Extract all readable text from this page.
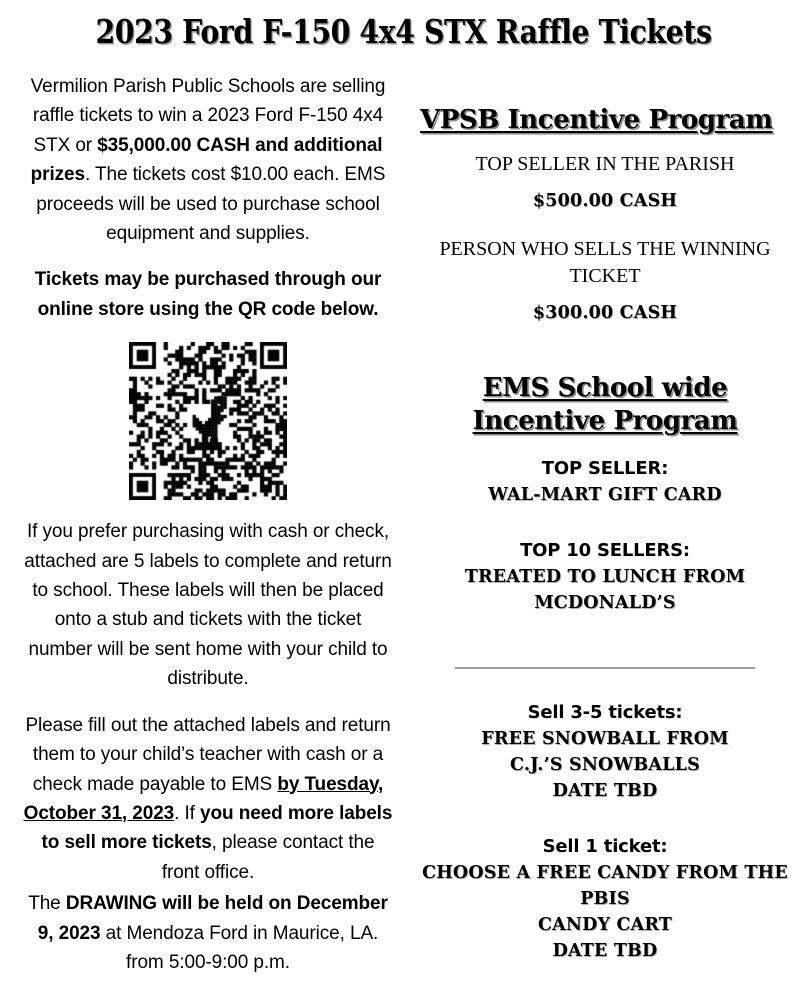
2023 Ford F-150 4x4 STX Raffle Tickets

Vermilion Parish Public Schools are selling raffle tickets to win a 2023 Ford F-150 4x4 STX or $35,000.00 CASH and additional prizes. The tickets cost $10.00 each. EMS proceeds will be used to purchase school equipment and supplies.

Tickets may be purchased through our online store using the QR code below.

If you prefer purchasing with cash or check, attached are 5 labels to complete and return to school. These labels will then be placed onto a stub and tickets with the ticket number will be sent home with your child to distribute.

Please fill out the attached labels and return them to your child’s teacher with cash or a check made payable to EMS by Tuesday, October 31, 2023. If you need more labels to sell more tickets, please contact the front office.

The DRAWING will be held on December 9, 2023 at Mendoza Ford in Maurice, LA. from 5:00-9:00 p.m.

VPSB Incentive Program

TOP SELLER IN THE PARISH

$500.00 CASH

PERSON WHO SELLS THE WINNING TICKET

$300.00 CASH

EMS School wide Incentive Program

TOP SELLER:

WAL-MART GIFT CARD

TOP 10 SELLERS:

TREATED TO LUNCH FROM MCDONALD’S

______________________________

Sell 3-5 tickets:

FREE SNOWBALL FROM

C.J.’S SNOWBALLS

DATE TBD

Sell 1 ticket:

CHOOSE A FREE CANDY FROM THE PBIS

CANDY CART

DATE TBD
